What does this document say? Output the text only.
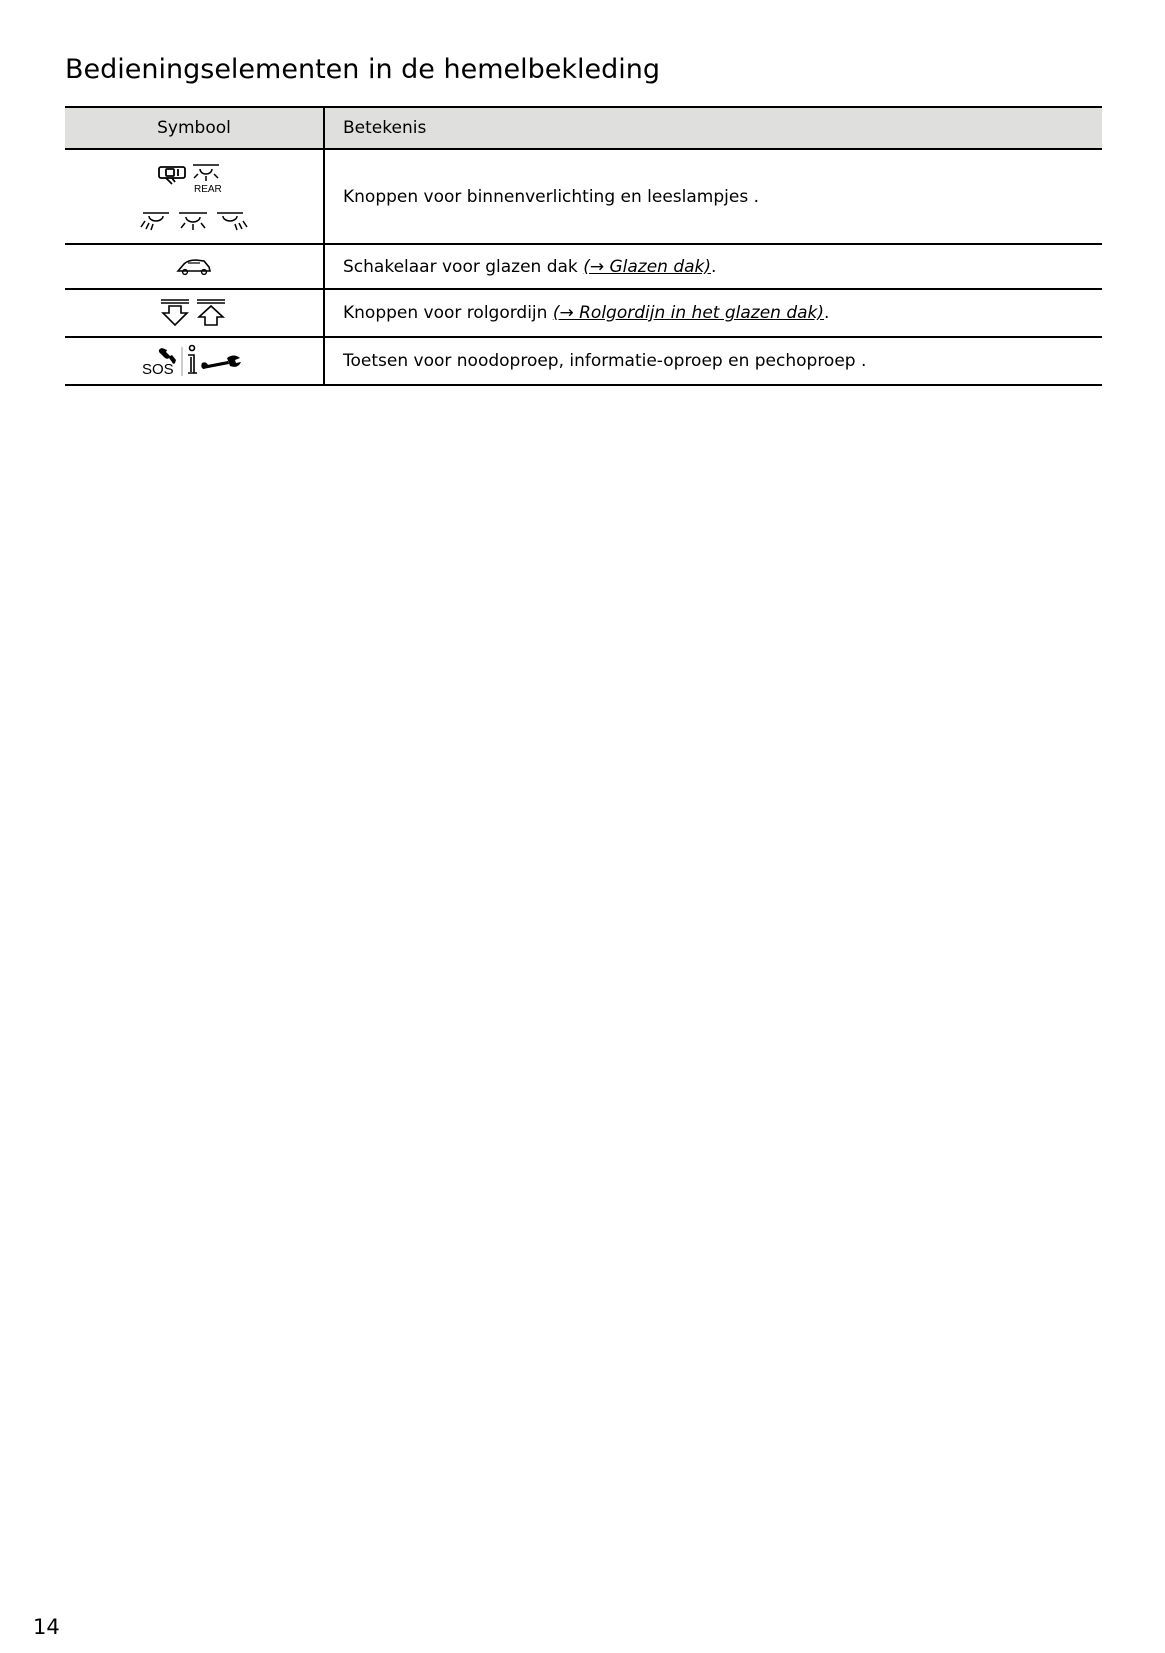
Bedieningselementen in de hemelbekleding
Symbool	Betekenis

REAR	Knoppen voor binnenverlichting en leeslampjes .

	Schakelaar voor glazen dak (→ Glazen dak).

	Knoppen voor rolgordijn (→ Rolgordijn in het glazen dak).

SOS	Toetsen voor noodoproep, informatie-oproep en pechoproep .
14
